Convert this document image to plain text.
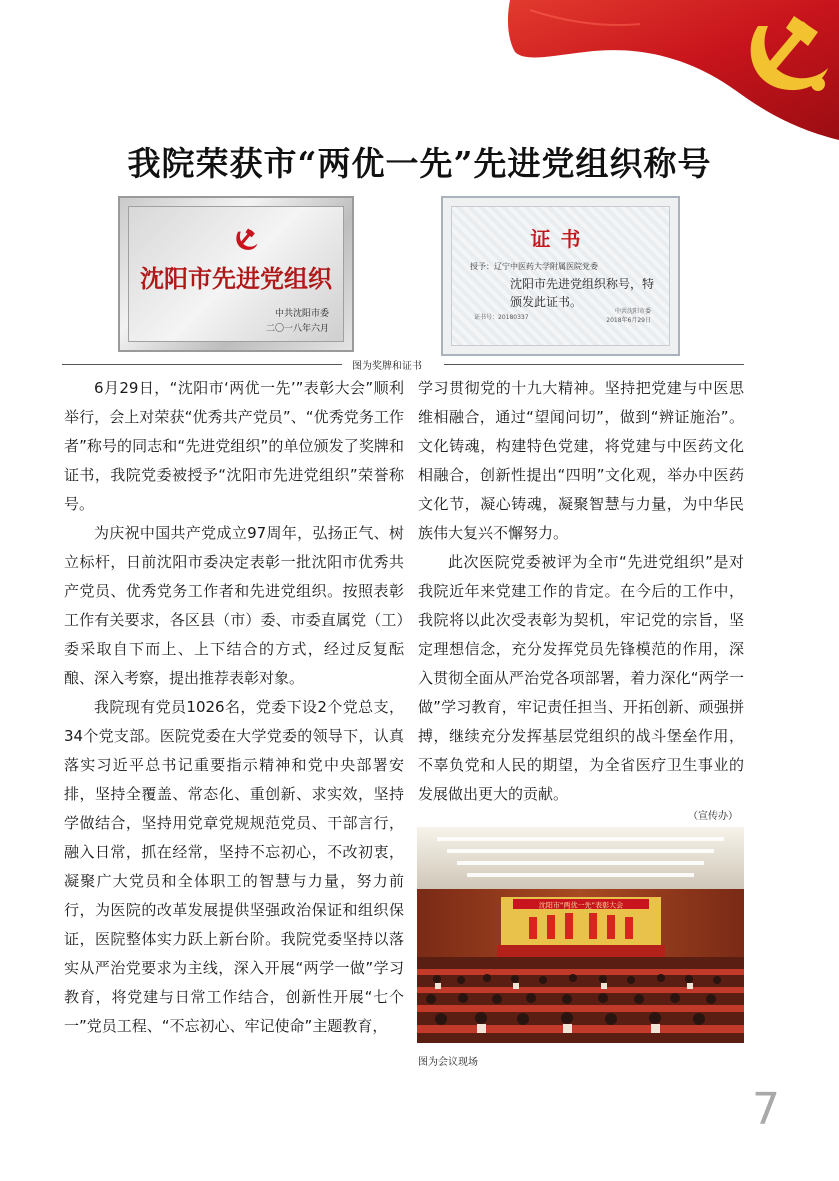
我院荣获市“两优一先”先进党组织称号
沈阳市先进党组织
中共沈阳市委
二〇一八年六月
证书
授予：辽宁中医药大学附属医院党委
沈阳市先进党组织称号，特颁发此证书。
证书号：20180337
中共沈阳市委
2018年6月29日
图为奖牌和证书

6月29日，“沈阳市‘两优一先’”表彰大会”顺利举行，会上对荣获“优秀共产党员”、“优秀党务工作者”称号的同志和“先进党组织”的单位颁发了奖牌和证书，我院党委被授予“沈阳市先进党组织”荣誉称号。

为庆祝中国共产党成立97周年，弘扬正气、树立标杆，日前沈阳市委决定表彰一批沈阳市优秀共产党员、优秀党务工作者和先进党组织。按照表彰工作有关要求，各区县（市）委、市委直属党（工）委采取自下而上、上下结合的方式，经过反复酝酿、深入考察，提出推荐表彰对象。

我院现有党员1026名，党委下设2个党总支，34个党支部。医院党委在大学党委的领导下，认真落实习近平总书记重要指示精神和党中央部署安排，坚持全覆盖、常态化、重创新、求实效，坚持学做结合，坚持用党章党规规范党员、干部言行，融入日常，抓在经常，坚持不忘初心，不改初衷，凝聚广大党员和全体职工的智慧与力量，努力前行，为医院的改革发展提供坚强政治保证和组织保证，医院整体实力跃上新台阶。我院党委坚持以落实从严治党要求为主线，深入开展“两学一做”学习教育，将党建与日常工作结合，创新性开展“七个一”党员工程、“不忘初心、牢记使命”主题教育，

学习贯彻党的十九大精神。坚持把党建与中医思维相融合，通过“望闻问切”，做到“辨证施治”。文化铸魂，构建特色党建，将党建与中医药文化相融合，创新性提出“四明”文化观，举办中医药文化节，凝心铸魂，凝聚智慧与力量，为中华民族伟大复兴不懈努力。

此次医院党委被评为全市“先进党组织”是对我院近年来党建工作的肯定。在今后的工作中，我院将以此次受表彰为契机，牢记党的宗旨，坚定理想信念，充分发挥党员先锋模范的作用，深入贯彻全面从严治党各项部署，着力深化“两学一做”学习教育，牢记责任担当、开拓创新、顽强拼搏，继续充分发挥基层党组织的战斗堡垒作用，不辜负党和人民的期望，为全省医疗卫生事业的发展做出更大的贡献。

（宣传办）
沈阳市“两优一先”表彰大会
图为会议现场
7
